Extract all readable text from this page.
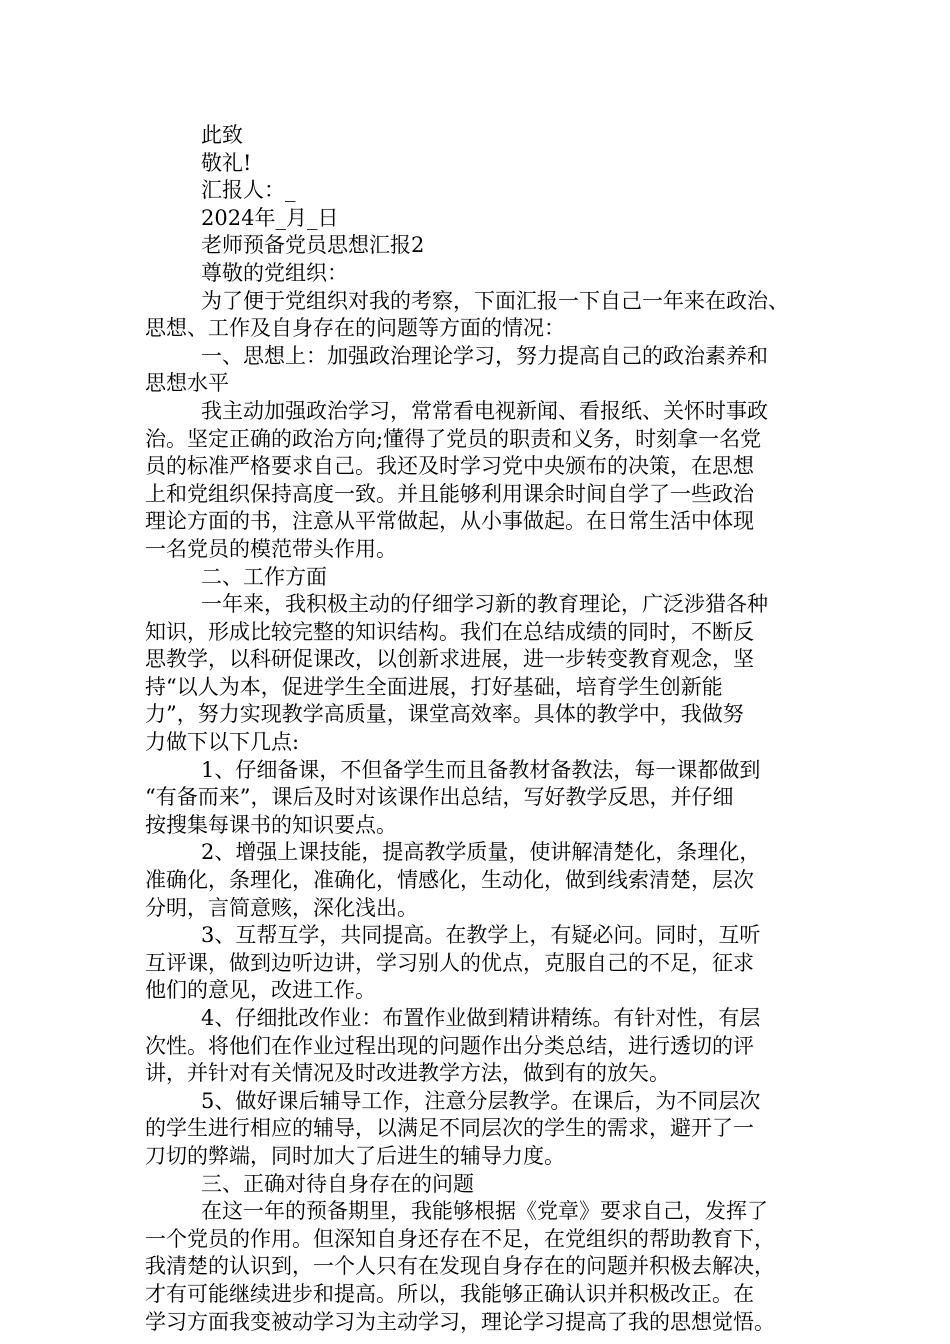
此致
敬礼!
汇报人：_
2024年_月_日
老师预备党员思想汇报2
尊敬的党组织：
为了便于党组织对我的考察，下面汇报一下自己一年来在政治、
思想、工作及自身存在的问题等方面的情况：
一、思想上：加强政治理论学习，努力提高自己的政治素养和
思想水平
我主动加强政治学习，常常看电视新闻、看报纸、关怀时事政
治。坚定正确的政治方向;懂得了党员的职责和义务，时刻拿一名党
员的标准严格要求自己。我还及时学习党中央颁布的决策，在思想
上和党组织保持高度一致。并且能够利用课余时间自学了一些政治
理论方面的书，注意从平常做起，从小事做起。在日常生活中体现
一名党员的模范带头作用。
二、工作方面
一年来，我积极主动的仔细学习新的教育理论，广泛涉猎各种
知识，形成比较完整的知识结构。我们在总结成绩的同时，不断反
思教学，以科研促课改，以创新求进展，进一步转变教育观念，坚
持“以人为本，促进学生全面进展，打好基础，培育学生创新能
力”，努力实现教学高质量，课堂高效率。具体的教学中，我做努
力做下以下几点:
1、仔细备课，不但备学生而且备教材备教法，每一课都做到
“有备而来”，课后及时对该课作出总结，写好教学反思，并仔细
按搜集每课书的知识要点。
2、增强上课技能，提高教学质量，使讲解清楚化，条理化，
准确化，条理化，准确化，情感化，生动化，做到线索清楚，层次
分明，言简意赅，深化浅出。
3、互帮互学，共同提高。在教学上，有疑必问。同时，互听
互评课，做到边听边讲，学习别人的优点，克服自己的不足，征求
他们的意见，改进工作。
4、仔细批改作业：布置作业做到精讲精练。有针对性，有层
次性。将他们在作业过程出现的问题作出分类总结，进行透切的评
讲，并针对有关情况及时改进教学方法，做到有的放矢。
5、做好课后辅导工作，注意分层教学。在课后，为不同层次
的学生进行相应的辅导，以满足不同层次的学生的需求，避开了一
刀切的弊端，同时加大了后进生的辅导力度。
三、正确对待自身存在的问题
在这一年的预备期里，我能够根据《党章》要求自己，发挥了
一个党员的作用。但深知自身还存在不足，在党组织的帮助教育下，
我清楚的认识到，一个人只有在发现自身存在的问题并积极去解决，
才有可能继续进步和提高。所以，我能够正确认识并积极改正。在
学习方面我变被动学习为主动学习，理论学习提高了我的思想觉悟。
